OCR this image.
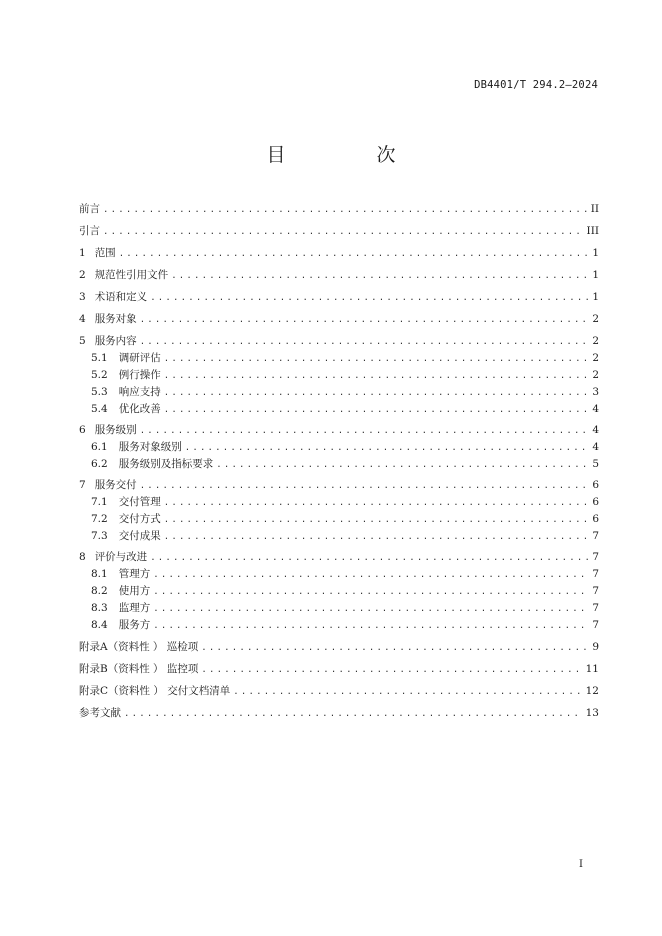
DB4401/T 294.2—2024
目　次
前言 .....	II
引言 .....	III
1 范围 .....	1
2 规范性引用文件 .....	1
3 术语和定义 .....	1
4 服务对象 .....	2
5 服务内容 .....	2
5.1 调研评估 .....	2
5.2 例行操作 .....	2
5.3 响应支持 .....	3
5.4 优化改善 .....	4
6 服务级别 .....	4
6.1 服务对象级别 .....	4
6.2 服务级别及指标要求 .....	5
7 服务交付 .....	6
7.1 交付管理 .....	6
7.2 交付方式 .....	6
7.3 交付成果 .....	7
8 评价与改进 .....	7
8.1 管理方 .....	7
8.2 使用方 .....	7
8.3 监理方 .....	7
8.4 服务方 .....	7
附录A（资料性 ） 巡检项 .....	9
附录B（资料性 ） 监控项 .....	11
附录C（资料性 ） 交付文档清单 .....	12
参考文献 .....	13
I
